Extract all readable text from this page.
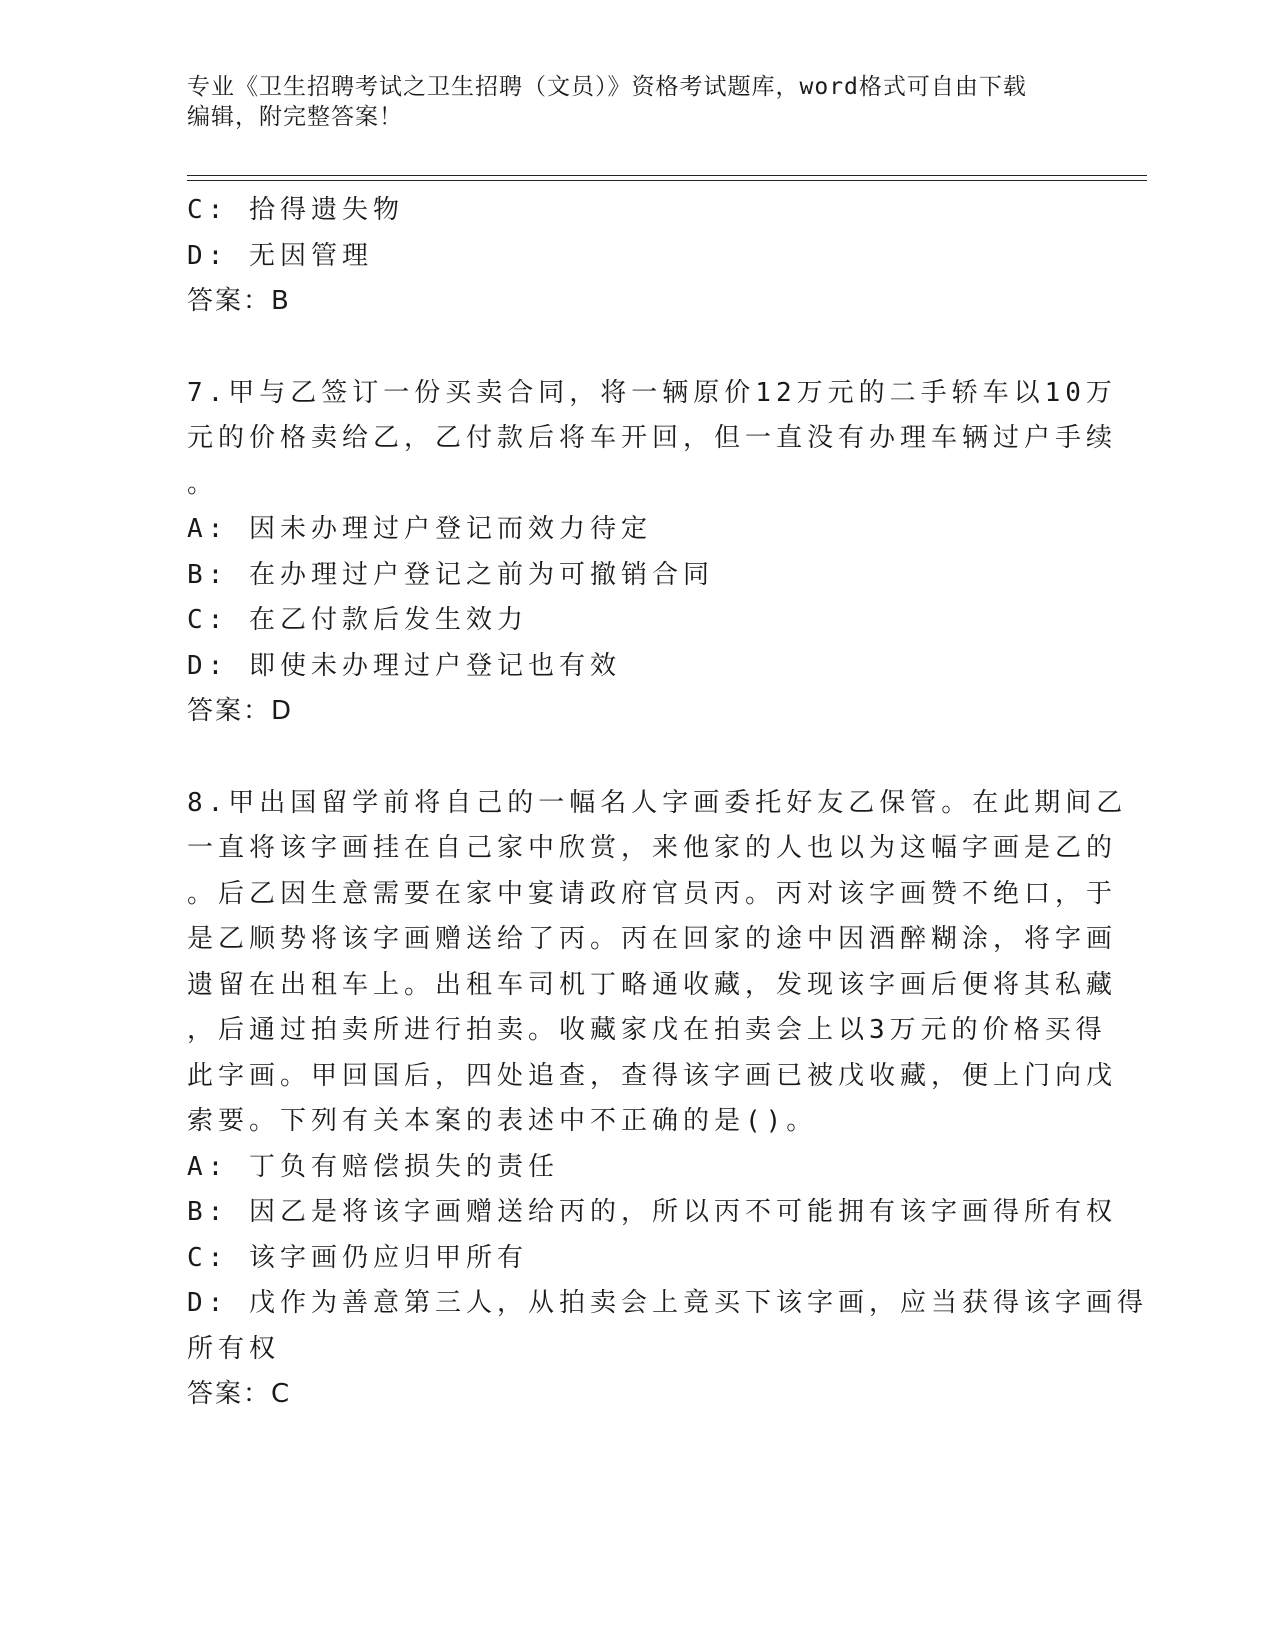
专业《卫生招聘考试之卫生招聘（文员）》资格考试题库，word格式可自由下载
编辑，附完整答案！
C: 拾得遗失物
D: 无因管理
答案：B
7.甲与乙签订一份买卖合同，将一辆原价12万元的二手轿车以10万
元的价格卖给乙，乙付款后将车开回，但一直没有办理车辆过户手续
。
A: 因未办理过户登记而效力待定
B: 在办理过户登记之前为可撤销合同
C: 在乙付款后发生效力
D: 即使未办理过户登记也有效
答案：D
8.甲出国留学前将自己的一幅名人字画委托好友乙保管。在此期间乙
一直将该字画挂在自己家中欣赏，来他家的人也以为这幅字画是乙的
。后乙因生意需要在家中宴请政府官员丙。丙对该字画赞不绝口，于
是乙顺势将该字画赠送给了丙。丙在回家的途中因酒醉糊涂，将字画
遗留在出租车上。出租车司机丁略通收藏，发现该字画后便将其私藏
，后通过拍卖所进行拍卖。收藏家戊在拍卖会上以3万元的价格买得
此字画。甲回国后，四处追查，查得该字画已被戊收藏，便上门向戊
索要。下列有关本案的表述中不正确的是()。
A: 丁负有赔偿损失的责任
B: 因乙是将该字画赠送给丙的，所以丙不可能拥有该字画得所有权
C: 该字画仍应归甲所有
D: 戊作为善意第三人，从拍卖会上竟买下该字画，应当获得该字画得
所有权
答案：C
